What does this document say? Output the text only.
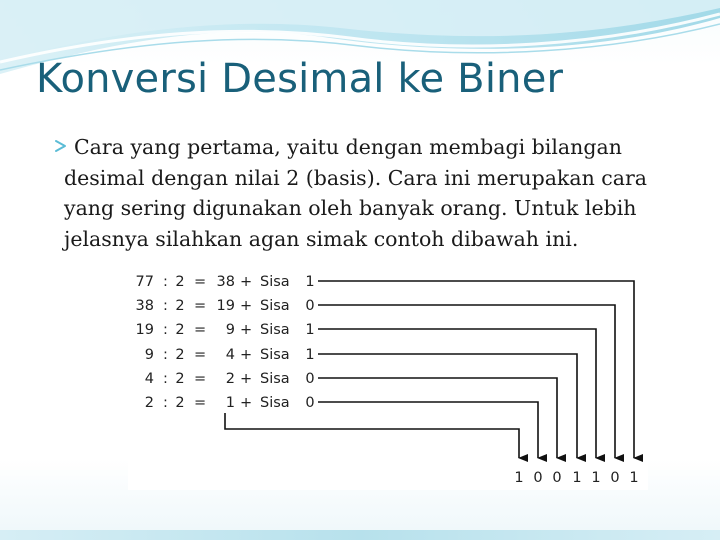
Konversi Desimal ke Biner

Cara yang pertama, yaitu dengan membagi bilangan desimal dengan nilai 2 (basis). Cara ini merupakan cara yang sering digunakan oleh banyak orang. Untuk lebih jelasnya silahkan agan simak contoh dibawah ini.

77 : 2 = 38 + Sisa 1
38 : 2 = 19 + Sisa 0
19 : 2 = 9 + Sisa 1
9 : 2 = 4 + Sisa 1
4 : 2 = 2 + Sisa 0
2 : 2 = 1 + Sisa 0
1 0 0 1 1 0 1
